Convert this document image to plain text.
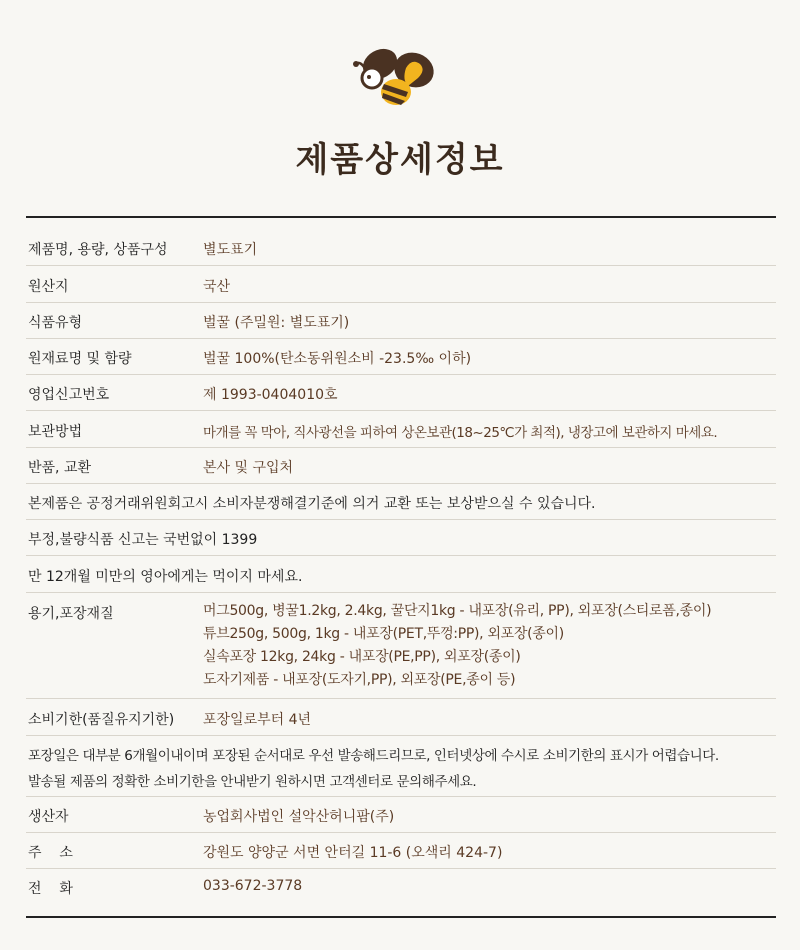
제품상세정보
제품명, 용량, 상품구성	별도표기
원산지	국산
식품유형	벌꿀 (주밀원: 별도표기)
원재료명 및 함량	벌꿀 100%(탄소동위원소비 -23.5‰ 이하)
영업신고번호	제 1993-0404010호
보관방법	마개를 꼭 막아, 직사광선을 피하여 상온보관(18~25℃가 최적), 냉장고에 보관하지 마세요.
반품, 교환	본사 및 구입처
본제품은 공정거래위원회고시 소비자분쟁해결기준에 의거 교환 또는 보상받으실 수 있습니다.
부정,불량식품 신고는 국번없이 1399
만 12개월 미만의 영아에게는 먹이지 마세요.
용기,포장재질	머그500g, 병꿀1.2kg, 2.4kg, 꿀단지1kg - 내포장(유리, PP), 외포장(스티로폼,종이)
튜브250g, 500g, 1kg - 내포장(PET,뚜껑:PP), 외포장(종이)
실속포장 12kg, 24kg - 내포장(PE,PP), 외포장(종이)
도자기제품 - 내포장(도자기,PP), 외포장(PE,종이 등)
소비기한(품질유지기한)	포장일로부터 4년
포장일은 대부분 6개월이내이며 포장된 순서대로 우선 발송해드리므로, 인터넷상에 수시로 소비기한의 표시가 어렵습니다.
발송될 제품의 정확한 소비기한을 안내받기 원하시면 고객센터로 문의해주세요.
생산자	농업회사법인 설악산허니팜(주)
주    소	강원도 양양군 서면 안터길 11-6 (오색리 424-7)
전    화	033-672-3778
